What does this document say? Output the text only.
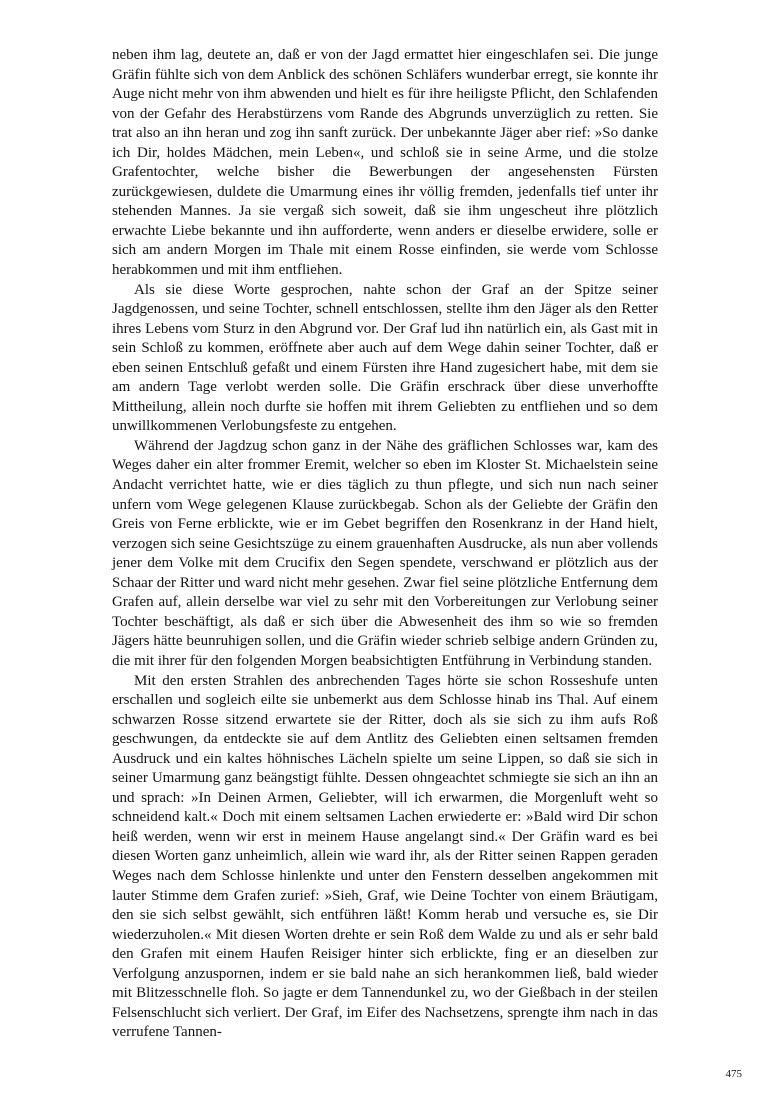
neben ihm lag, deutete an, daß er von der Jagd ermattet hier eingeschlafen sei. Die junge Gräfin fühlte sich von dem Anblick des schönen Schläfers wunderbar erregt, sie konnte ihr Auge nicht mehr von ihm abwenden und hielt es für ihre heiligste Pflicht, den Schlafenden von der Gefahr des Herabstürzens vom Rande des Abgrunds unverzüglich zu retten. Sie trat also an ihn heran und zog ihn sanft zurück. Der unbekannte Jäger aber rief: »So danke ich Dir, holdes Mädchen, mein Leben«, und schloß sie in seine Arme, und die stolze Grafentochter, welche bisher die Bewerbungen der angesehensten Fürsten zurückgewiesen, duldete die Umarmung eines ihr völlig fremden, jedenfalls tief unter ihr stehenden Mannes. Ja sie vergaß sich soweit, daß sie ihm ungescheut ihre plötzlich erwachte Liebe bekannte und ihn aufforderte, wenn anders er dieselbe erwidere, solle er sich am andern Morgen im Thale mit einem Rosse einfinden, sie werde vom Schlosse herabkommen und mit ihm entfliehen.

Als sie diese Worte gesprochen, nahte schon der Graf an der Spitze seiner Jagdgenossen, und seine Tochter, schnell entschlossen, stellte ihm den Jäger als den Retter ihres Lebens vom Sturz in den Abgrund vor. Der Graf lud ihn natürlich ein, als Gast mit in sein Schloß zu kommen, eröffnete aber auch auf dem Wege dahin seiner Tochter, daß er eben seinen Entschluß gefaßt und einem Fürsten ihre Hand zugesichert habe, mit dem sie am andern Tage verlobt werden solle. Die Gräfin erschrack über diese unverhoffte Mittheilung, allein noch durfte sie hoffen mit ihrem Geliebten zu entfliehen und so dem unwillkommenen Verlobungsfeste zu entgehen.

Während der Jagdzug schon ganz in der Nähe des gräflichen Schlosses war, kam des Weges daher ein alter frommer Eremit, welcher so eben im Kloster St. Michaelstein seine Andacht verrichtet hatte, wie er dies täglich zu thun pflegte, und sich nun nach seiner unfern vom Wege gelegenen Klause zurückbegab. Schon als der Geliebte der Gräfin den Greis von Ferne erblickte, wie er im Gebet begriffen den Rosenkranz in der Hand hielt, verzogen sich seine Gesichtszüge zu einem grauenhaften Ausdrucke, als nun aber vollends jener dem Volke mit dem Crucifix den Segen spendete, verschwand er plötzlich aus der Schaar der Ritter und ward nicht mehr gesehen. Zwar fiel seine plötzliche Entfernung dem Grafen auf, allein derselbe war viel zu sehr mit den Vorbereitungen zur Verlobung seiner Tochter beschäftigt, als daß er sich über die Abwesenheit des ihm so wie so fremden Jägers hätte beunruhigen sollen, und die Gräfin wieder schrieb selbige andern Gründen zu, die mit ihrer für den folgenden Morgen beabsichtigten Entführung in Verbindung standen.

Mit den ersten Strahlen des anbrechenden Tages hörte sie schon Rosseshufe unten erschallen und sogleich eilte sie unbemerkt aus dem Schlosse hinab ins Thal. Auf einem schwarzen Rosse sitzend erwartete sie der Ritter, doch als sie sich zu ihm aufs Roß geschwungen, da entdeckte sie auf dem Antlitz des Geliebten einen seltsamen fremden Ausdruck und ein kaltes höhnisches Lächeln spielte um seine Lippen, so daß sie sich in seiner Umarmung ganz beängstigt fühlte. Dessen ohngeachtet schmiegte sie sich an ihn an und sprach: »In Deinen Armen, Geliebter, will ich erwarmen, die Morgenluft weht so schneidend kalt.« Doch mit einem seltsamen Lachen erwiederte er: »Bald wird Dir schon heiß werden, wenn wir erst in meinem Hause angelangt sind.« Der Gräfin ward es bei diesen Worten ganz unheimlich, allein wie ward ihr, als der Ritter seinen Rappen geraden Weges nach dem Schlosse hinlenkte und unter den Fenstern desselben angekommen mit lauter Stimme dem Grafen zurief: »Sieh, Graf, wie Deine Tochter von einem Bräutigam, den sie sich selbst gewählt, sich entführen läßt! Komm herab und versuche es, sie Dir wiederzuholen.« Mit diesen Worten drehte er sein Roß dem Walde zu und als er sehr bald den Grafen mit einem Haufen Reisiger hinter sich erblickte, fing er an dieselben zur Verfolgung anzuspornen, indem er sie bald nahe an sich herankommen ließ, bald wieder mit Blitzesschnelle floh. So jagte er dem Tannendunkel zu, wo der Gießbach in der steilen Felsenschlucht sich verliert. Der Graf, im Eifer des Nachsetzens, sprengte ihm nach in das verrufene Tannen-

475
